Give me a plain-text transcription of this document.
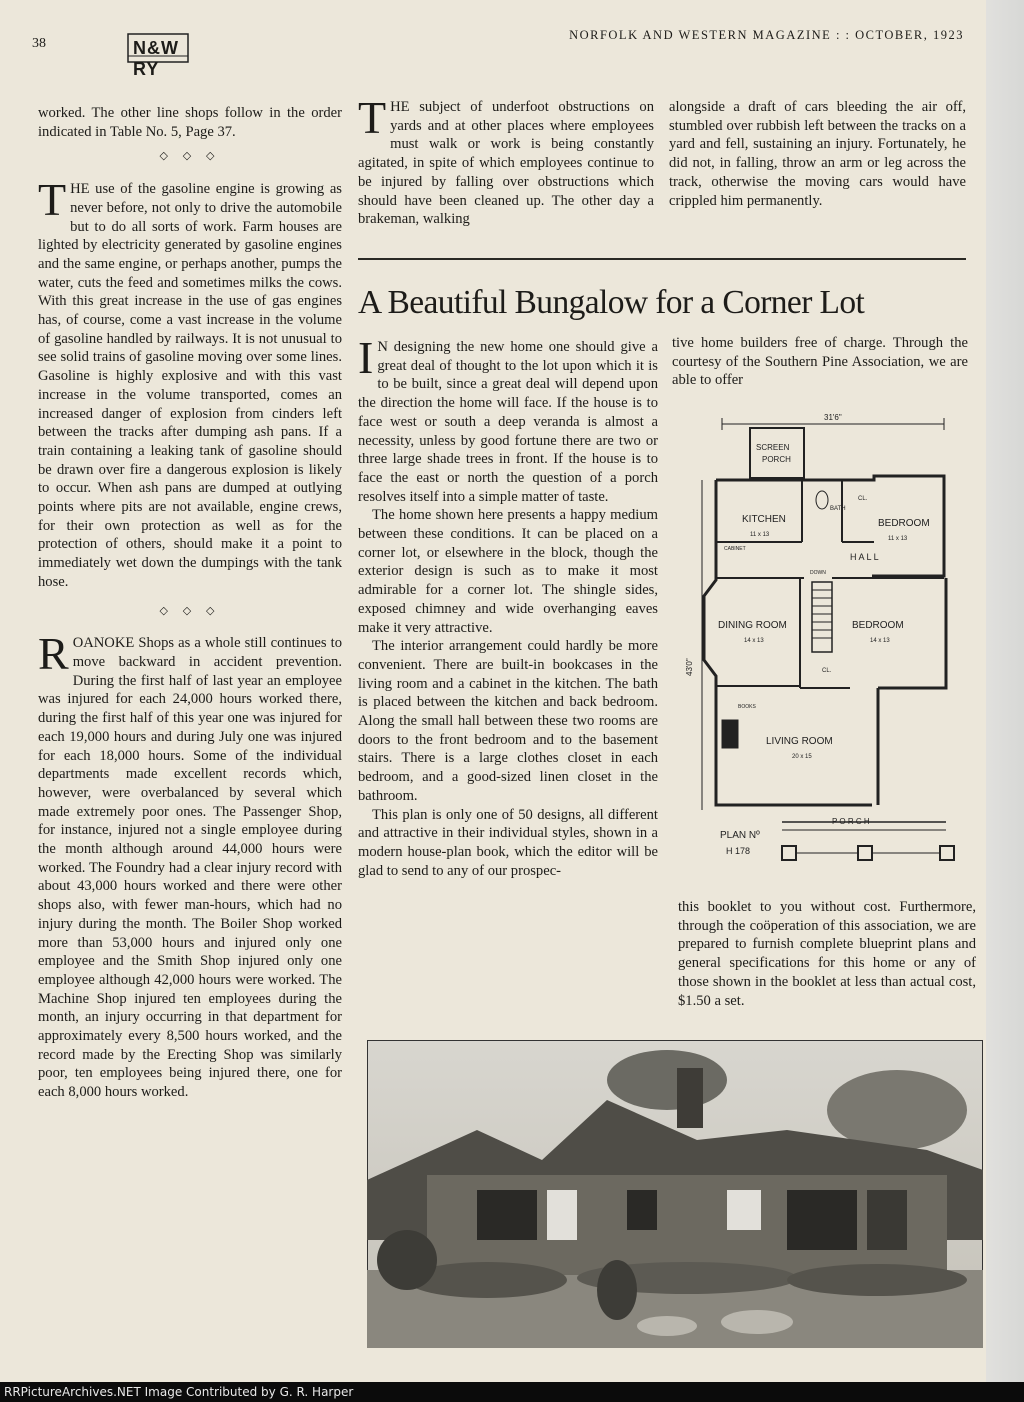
38	N&W RY
NORFOLK AND WESTERN MAGAZINE : : OCTOBER, 1923

worked. The other line shops follow in the order indicated in Table No. 5, Page 37.

◇ ◇ ◇

THE use of the gasoline engine is growing as never before, not only to drive the automobile but to do all sorts of work. Farm houses are lighted by electricity generated by gasoline engines and the same engine, or perhaps another, pumps the water, cuts the feed and sometimes milks the cows. With this great increase in the use of gas engines has, of course, come a vast increase in the volume of gasoline handled by railways. It is not unusual to see solid trains of gasoline moving over some lines. Gasoline is highly explosive and with this vast increase in the volume transported, comes an increased danger of explosion from cinders left between the tracks after dumping ash pans. If a train containing a leaking tank of gasoline should be drawn over fire a dangerous explosion is likely to occur. When ash pans are dumped at outlying points where pits are not available, engine crews, for their own protection as well as for the protection of others, should make it a point to immediately wet down the dumpings with the tank hose.

◇ ◇ ◇

ROANOKE Shops as a whole still continues to move backward in accident prevention. During the first half of last year an employee was injured for each 24,000 hours worked there, during the first half of this year one was injured for each 19,000 hours and during July one was injured for each 18,000 hours. Some of the individual departments made excellent records which, however, were overbalanced by several which made extremely poor ones. The Passenger Shop, for instance, injured not a single employee during the month although around 44,000 hours were worked. The Foundry had a clear injury record with about 43,000 hours worked and there were other shops also, with fewer man-hours, which had no injury during the month. The Boiler Shop worked more than 53,000 hours and injured only one employee and the Smith Shop injured only one employee although 42,000 hours were worked. The Machine Shop injured ten employees during the month, an injury occurring in that department for approximately every 8,500 hours worked, and the record made by the Erecting Shop was similarly poor, ten employees being injured there, one for each 8,000 hours worked.

THE subject of underfoot obstructions on yards and at other places where employees must walk or work is being constantly agitated, in spite of which employees continue to be injured by falling over obstructions which should have been cleaned up. The other day a brakeman, walking

alongside a draft of cars bleeding the air off, stumbled over rubbish left between the tracks on a yard and fell, sustaining an injury. Fortunately, he did not, in falling, throw an arm or leg across the track, otherwise the moving cars would have crippled him permanently.

A Beautiful Bungalow for a Corner Lot

I N designing the new home one should give a great deal of thought to the lot upon which it is to be built, since a great deal will depend upon the direction the home will face. If the house is to face west or south a deep veranda is almost a necessity, unless by good fortune there are two or three large shade trees in front. If the house is to face the east or north the question of a porch resolves itself into a simple matter of taste.

The home shown here presents a happy medium between these conditions. It can be placed on a corner lot, or elsewhere in the block, though the exterior design is such as to make it most admirable for a corner lot. The shingle sides, exposed chimney and wide overhanging eaves make it very attractive.

The interior arrangement could hardly be more convenient. There are built-in bookcases in the living room and a cabinet in the kitchen. The bath is placed between the kitchen and back bedroom. Along the small hall between these two rooms are doors to the front bedroom and to the basement stairs. There is a large clothes closet in each bedroom, and a good-sized linen closet in the bathroom.

This plan is only one of 50 designs, all different and attractive in their individual styles, shown in a modern house-plan book, which the editor will be glad to send to any of our prospec-

tive home builders free of charge. Through the courtesy of the Southern Pine Association, we are able to offer

this booklet to you without cost. Furthermore, through the coöperation of this association, we are prepared to furnish complete blueprint plans and general specifications for this home or any of those shown in the booklet at less than actual cost, $1.50 a set.

31'6"
43'0"
SCREEN
PORCH
KITCHEN
11 x 13
CABINET
BATH
CL.
BEDROOM
11 x 13
H A L L
DOWN
DINING ROOM
14 x 13
BEDROOM
14 x 13
CL.
BOOKS
LIVING ROOM
20 x 15
P O R C H
PLAN Nº
H 178
RRPictureArchives.NET Image Contributed by G. R. Harper
